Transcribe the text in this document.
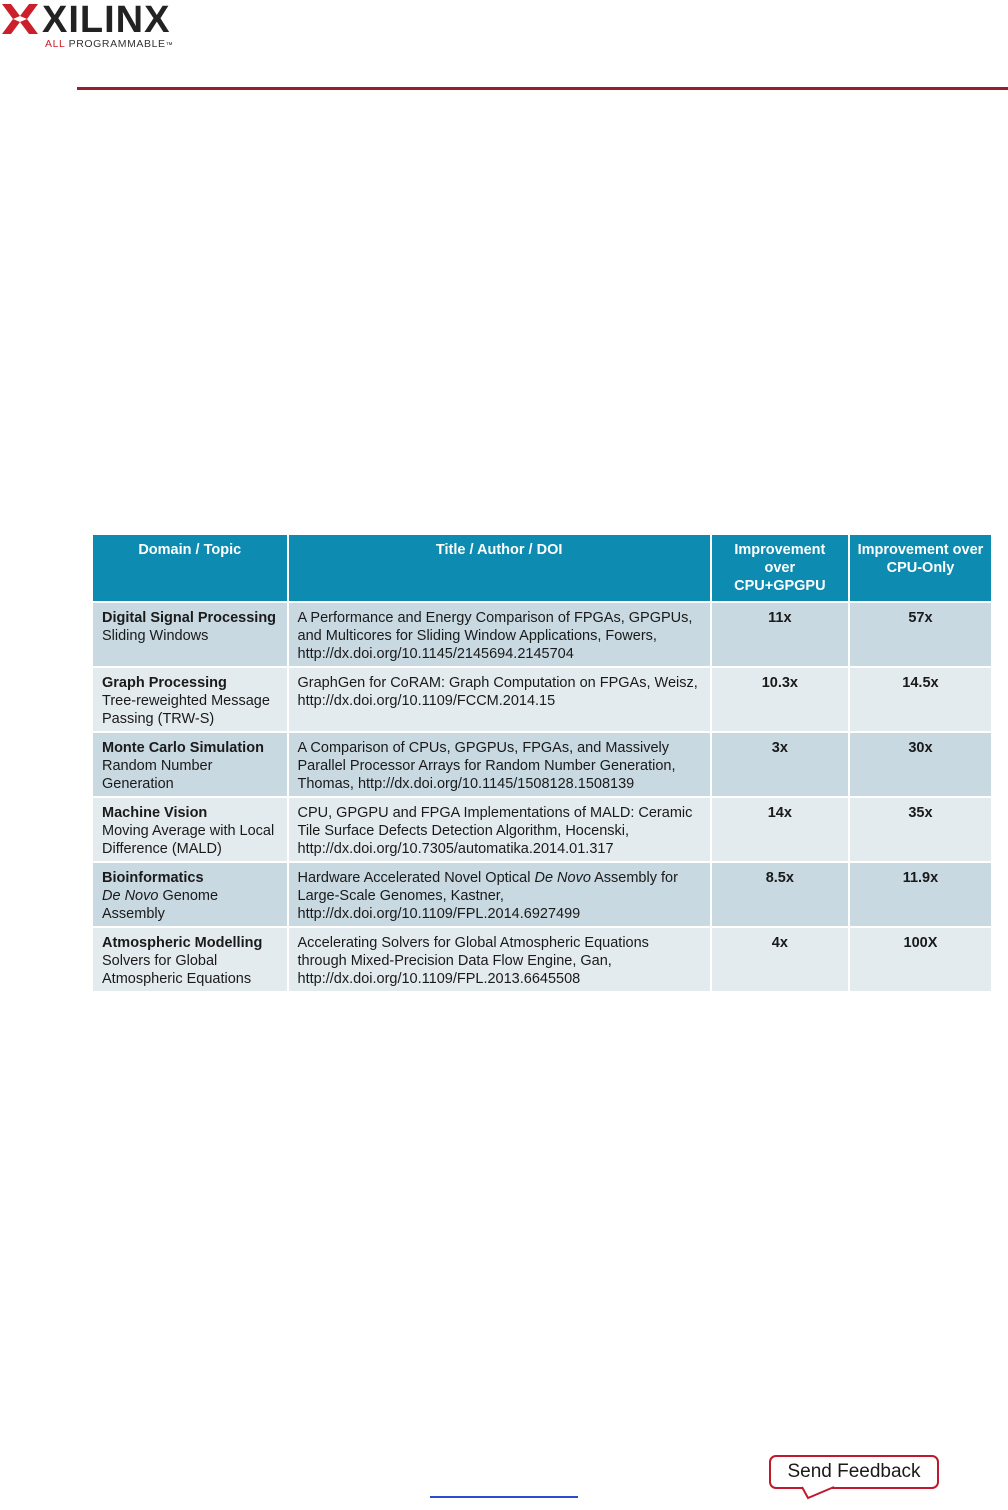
XILINX
ALL PROGRAMMABLE™
Domain / Topic	Title / Author / DOI	Improvement over CPU+GPGPU	Improvement over CPU-Only

Digital Signal Processing
Sliding Windows	A Performance and Energy Comparison of FPGAs, GPGPUs, and Multicores for Sliding Window Applications, Fowers, http://dx.doi.org/10.1145/2145694.2145704	11x	57x

Graph Processing
Tree-reweighted Message Passing (TRW-S)	GraphGen for CoRAM: Graph Computation on FPGAs, Weisz, http://dx.doi.org/10.1109/FCCM.2014.15	10.3x	14.5x

Monte Carlo Simulation
Random Number Generation	A Comparison of CPUs, GPGPUs, FPGAs, and Massively Parallel Processor Arrays for Random Number Generation, Thomas, http://dx.doi.org/10.1145/1508128.1508139	3x	30x

Machine Vision
Moving Average with Local Difference (MALD)	CPU, GPGPU and FPGA Implementations of MALD: Ceramic Tile Surface Defects Detection Algorithm, Hocenski, http://dx.doi.org/10.7305/automatika.2014.01.317	14x	35x

Bioinformatics
De Novo Genome Assembly	Hardware Accelerated Novel Optical De Novo Assembly for Large-Scale Genomes, Kastner, http://dx.doi.org/10.1109/FPL.2014.6927499	8.5x	11.9x

Atmospheric Modelling
Solvers for Global Atmospheric Equations	Accelerating Solvers for Global Atmospheric Equations through Mixed-Precision Data Flow Engine, Gan, http://dx.doi.org/10.1109/FPL.2013.6645508	4x	100X
Send Feedback
